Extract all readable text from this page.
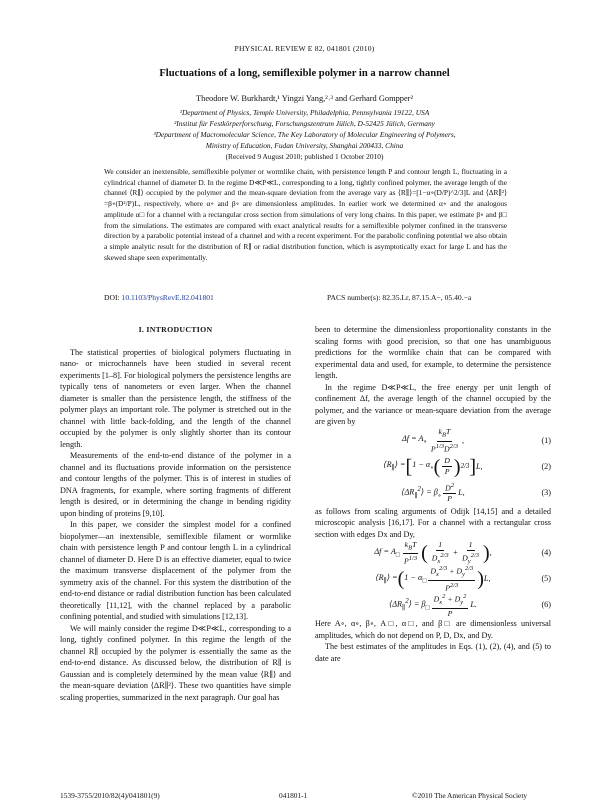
PHYSICAL REVIEW E 82, 041801 (2010)
Fluctuations of a long, semiflexible polymer in a narrow channel
Theodore W. Burkhardt,¹ Yingzi Yang,²˒³ and Gerhard Gompper²
¹Department of Physics, Temple University, Philadelphia, Pennsylvania 19122, USA
²Institut für Festkörperforschung, Forschungszentrum Jülich, D-52425 Jülich, Germany
³Department of Macromolecular Science, The Key Laboratory of Molecular Engineering of Polymers,
Ministry of Education, Fudan University, Shanghai 200433, China
(Received 9 August 2010; published 1 October 2010)
We consider an inextensible, semiflexible polymer or wormlike chain, with persistence length P and contour length L, fluctuating in a cylindrical channel of diameter D. In the regime D≪P≪L, corresponding to a long, tightly confined polymer, the average length of the channel ⟨R∥⟩ occupied by the polymer and the mean-square deviation from the average vary as ⟨R∥⟩=[1−α∘(D/P)^2/3]L and ⟨ΔR∥²⟩=β∘(D²/P)L, respectively, where α∘ and β∘ are dimensionless amplitudes. In earlier work we determined α∘ and the analogous amplitude α□ for a channel with a rectangular cross section from simulations of very long chains. In this paper, we estimate β∘ and β□ from the simulations. The estimates are compared with exact analytical results for a semiflexible polymer confined in the transverse direction by a parabolic potential instead of a channel and with a recent experiment. For the parabolic confining potential we also obtain a simple analytic result for the distribution of R∥ or radial distribution function, which is asymptotically exact for large L and has the skewed shape seen experimentally.
DOI: 10.1103/PhysRevE.82.041801	PACS number(s): 82.35.Lr, 87.15.A−, 05.40.−a
I. INTRODUCTION

The statistical properties of biological polymers fluctuating in nano- or microchannels have been studied in several recent experiments [1–8]. For biological polymers the persistence lengths are typically tens of nanometers or even larger. When the channel diameter is smaller than the persistence length, the stiffness of the polymer plays an important role. The polymer is stretched out in the channel with little back-folding, and the length of the channel occupied by the polymer is only slightly shorter than its contour length.

Measurements of the end-to-end distance of the polymer in a channel and its fluctuations provide information on the persistence and contour lengths of the polymer. This is of interest in studies of DNA fragments, for example, where sorting fragments of different length is desired, or in determining the change in bending rigidity upon binding of proteins [9,10].

In this paper, we consider the simplest model for a confined biopolymer—an inextensible, semiflexible filament or wormlike chain with persistence length P and contour length L in a cylindrical channel of diameter D. Here D is an effective diameter, equal to twice the maximum transverse displacement of the polymer from the symmetry axis of the channel. For this system the distribution of the end-to-end distance or radial distribution function has been calculated theoretically [11,12], with the channel replaced by a parabolic confining potential, and studied with simulations [12,13].

We will mainly consider the regime D≪P≪L, corresponding to a long, tightly confined polymer. In this regime the length of the channel R∥ occupied by the polymer is essentially the same as the end-to-end distance. As discussed below, the distribution of R∥ is Gaussian and is completely determined by the mean value ⟨R∥⟩ and the mean-square deviation ⟨ΔR∥²⟩. These two quantities have simple scaling properties, summarized in the next paragraph. Our goal has

been to determine the dimensionless proportionality constants in the scaling forms with good precision, so that one has unambiguous predictions for the wormlike chain that can be compared with experimental data and used, for example, to determine the persistence length.

In the regime D≪P≪L, the free energy per unit length of confinement Δf, the average length of the channel occupied by the polymer, and the variance or mean-square deviation from the average are given by

$\Delta f = A_\circ \frac{k_BT}{P^{1/3}D^{2/3}}$ ,	(1)
$⟨R_\parallel⟩$ = [ $1 - \alpha_\circ$ ( $\frac{D}{P}$ ) 2/3 ] L,	(2)
$⟨\Delta R_\parallel^2⟩ = \beta_\circ \frac{D^2}{P} L$,	(3)

as follows from scaling arguments of Odijk [14,15] and a detailed microscopic analysis [16,17]. For a channel with a rectangular cross section with edges Dx and Dy,

$\Delta f = A_□ \frac{k_BT}{P^{1/3}}$ ( $\frac{1}{D_x^{2/3}} + \frac{1}{D_y^{2/3}}$ ) ,	(4)
$⟨R_\parallel⟩$ = ( $1 - \alpha_□ \frac{D_x^{2/3} + D_y^{2/3}}{P^{2/3}}$ ) L,	(5)
$⟨\Delta R_\parallel^2⟩ = \beta_□ \frac{D_x^2 + D_y^2}{P} L$.	(6)

Here A∘, α∘, β∘, A□, α□, and β□ are dimensionless universal amplitudes, which do not depend on P, D, Dx, and Dy.

The best estimates of the amplitudes in Eqs. (1), (2), (4), and (5) to date are

1539-3755/2010/82(4)/041801(9)	041801-1	©2010 The American Physical Society
